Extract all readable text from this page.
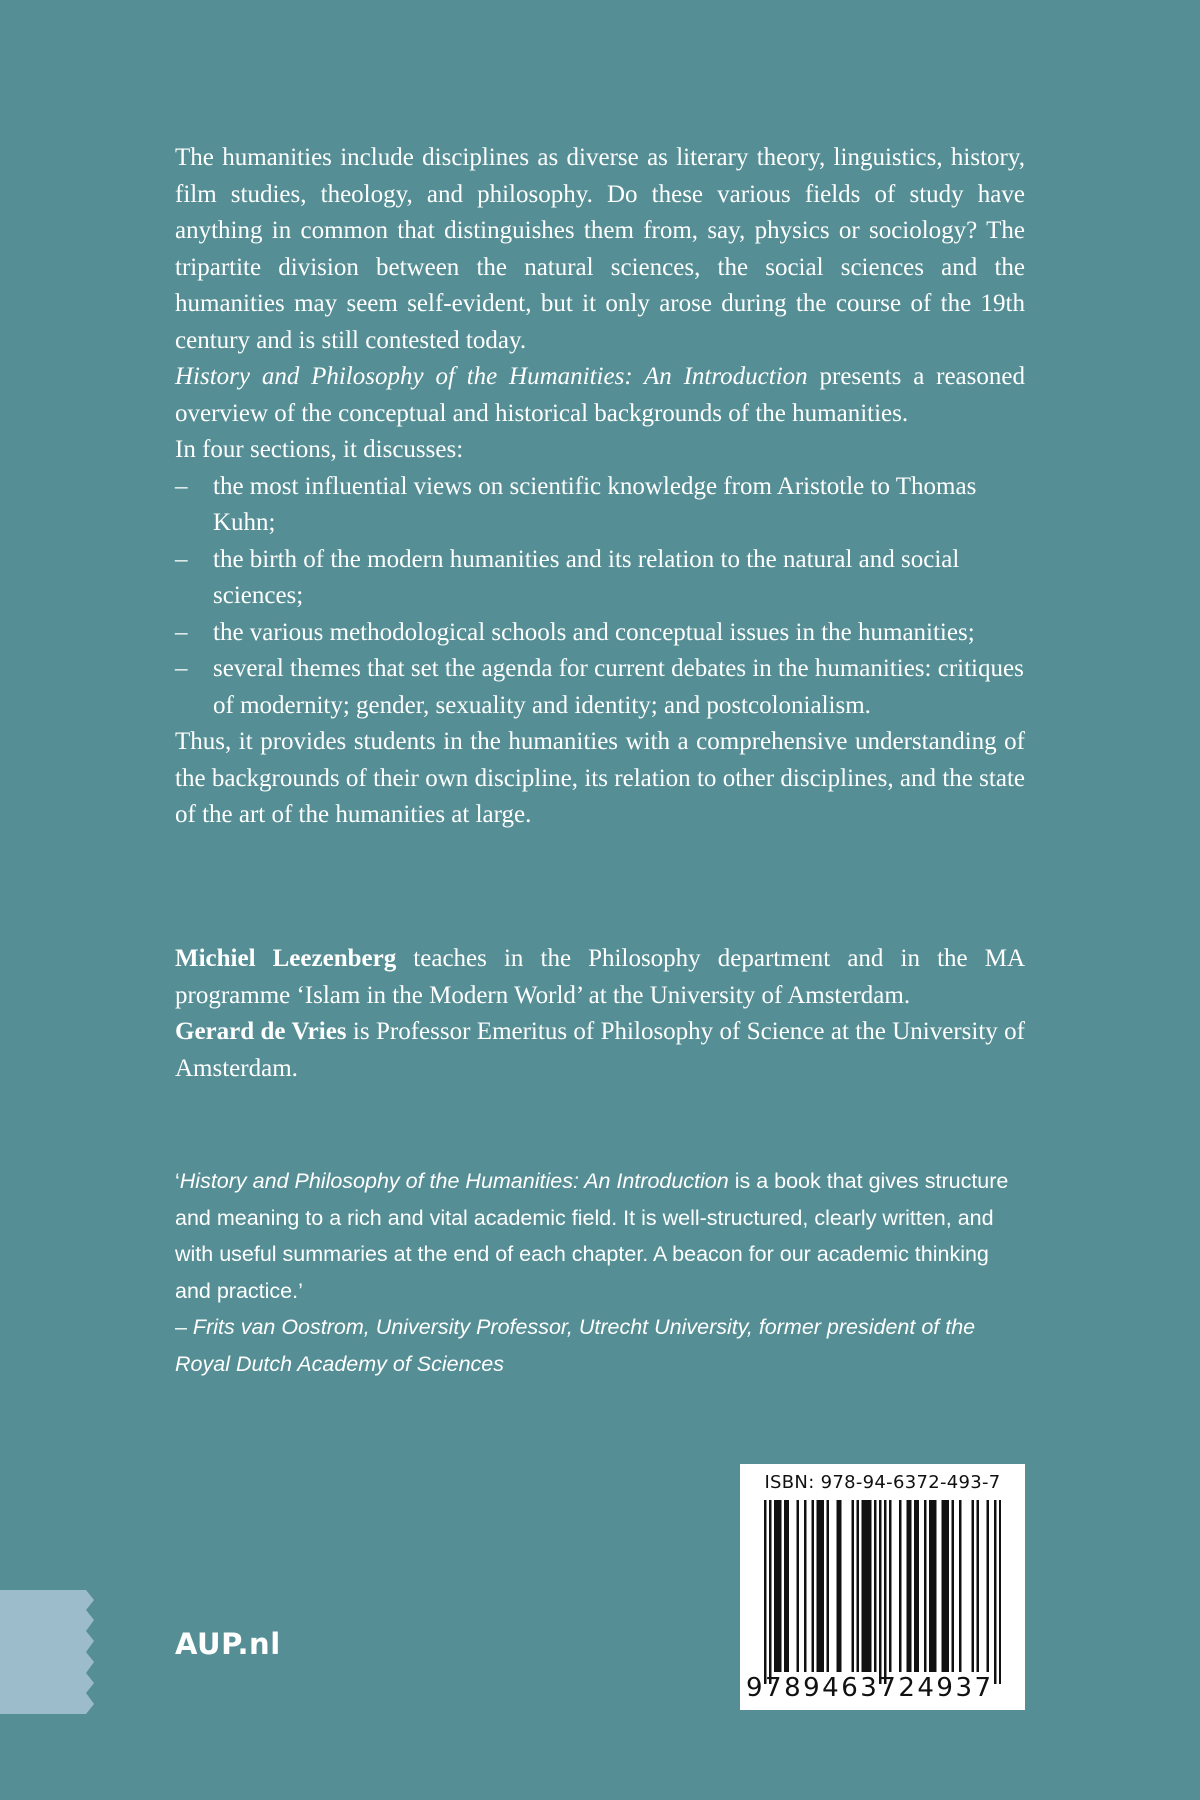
The humanities include disciplines as diverse as literary theory, linguistics, history, film studies, theology, and philosophy. Do these various fields of study have anything in common that distinguishes them from, say, physics or sociology? The tripartite division between the natural sciences, the social sciences and the humanities may seem self-evident, but it only arose during the course of the 19th century and is still contested today.

History and Philosophy of the Humanities: An Introduction presents a reasoned overview of the conceptual and historical backgrounds of the humanities.

In four sections, it discusses:

–	the most influential views on scientific knowledge from Aristotle to Thomas Kuhn;
–	the birth of the modern humanities and its relation to the natural and social sciences;
–	the various methodological schools and conceptual issues in the humanities;
–	several themes that set the agenda for current debates in the humanities: critiques of modernity; gender, sexuality and identity; and postcolonialism.

Thus, it provides students in the humanities with a comprehensive understanding of the backgrounds of their own discipline, its relation to other disciplines, and the state of the art of the humanities at large.

Michiel Leezenberg teaches in the Philosophy department and in the MA programme ‘Islam in the Modern World’ at the University of Amsterdam.

Gerard de Vries is Professor Emeritus of Philosophy of Science at the University of Amsterdam.

‘History and Philosophy of the Humanities: An Introduction is a book that gives structure and meaning to a rich and vital academic field. It is well-structured, clearly written, and with useful summaries at the end of each chapter. A beacon for our academic thinking and practice.’

– Frits van Oostrom, University Professor, Utrecht University, former president of the Royal Dutch Academy of Sciences

AUP.nl
ISBN: 978-94-6372-493-7
9789463724937
